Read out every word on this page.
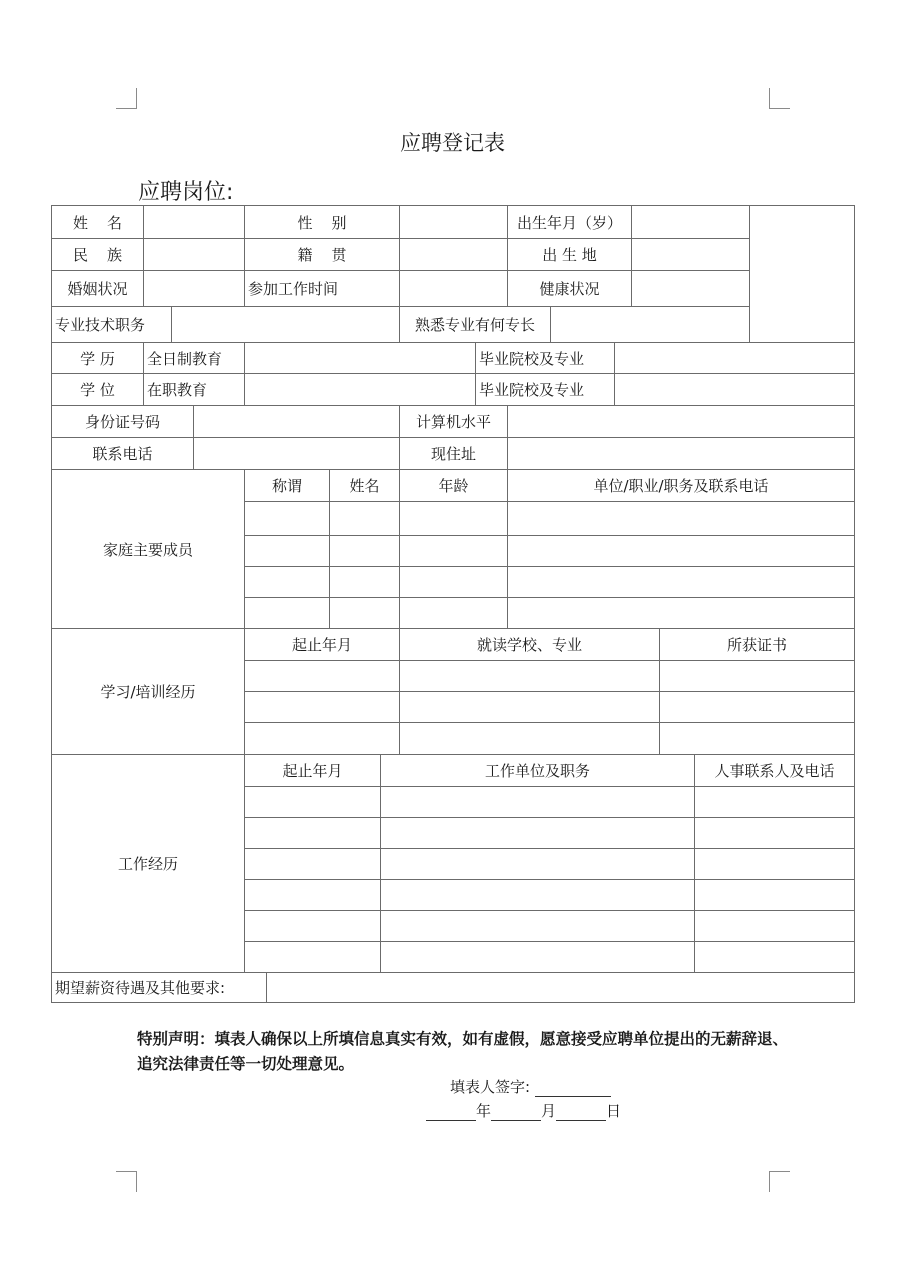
应聘登记表
应聘岗位:
姓    名	性    别	出生年月（岁）
民    族	籍    贯	出 生 地
婚姻状况	参加工作时间	健康状况
专业技术职务	熟悉专业有何专长
学 历	全日制教育	毕业院校及专业
学 位	在职教育	毕业院校及专业
身份证号码	计算机水平
联系电话	现住址
家庭主要成员
称谓	姓名	年龄	单位/职业/职务及联系电话
学习/培训经历
起止年月	就读学校、专业	所获证书
工作经历
起止年月	工作单位及职务	人事联系人及电话
期望薪资待遇及其他要求:
特别声明：填表人确保以上所填信息真实有效，如有虚假，愿意接受应聘单位提出的无薪辞退、追究法律责任等一切处理意见。
填表人签字:
年	月	日
